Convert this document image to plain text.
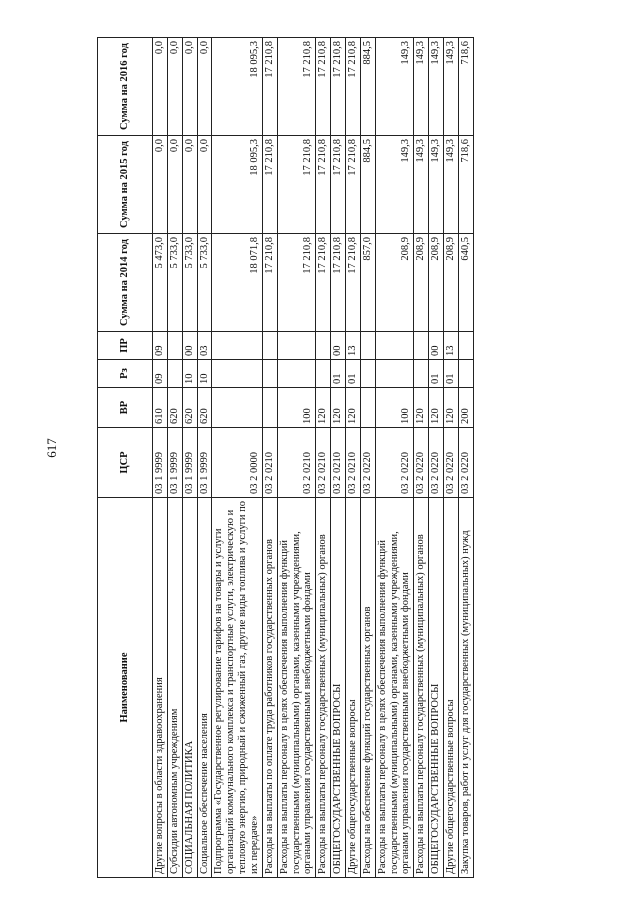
617
Наименование	ЦСР	ВР	Рз	ПР	Сумма на 2014 год	Сумма на 2015 год	Сумма на 2016 год
Другие вопросы в области здравоохранения	03 1 9999	610	09	09	5 473,0	0,0	0,0
Субсидии автономным учреждениям	03 1 9999	620			5 733,0	0,0	0,0
СОЦИАЛЬНАЯ ПОЛИТИКА	03 1 9999	620	10	00	5 733,0	0,0	0,0
Социальное обеспечение населения	03 1 9999	620	10	03	5 733,0	0,0	0,0
Подпрограмма «Государственное регулирование тарифов на товары и услуги организаций коммунального комплекса и транспортные услуги, электрическую и тепловую энергию, природный и сжиженный газ, другие виды топлива и услуги по их передаче»	03 2 0000				18 071,8	18 095,3	18 095,3
Расходы на выплаты по оплате труда работников государственных органов	03 2 0210				17 210,8	17 210,8	17 210,8
Расходы на выплаты персоналу в целях обеспечения выполнения функций государственными (муниципальными) органами, казенными учреждениями, органами управления государственными внебюджетными фондами	03 2 0210	100			17 210,8	17 210,8	17 210,8
Расходы на выплаты персоналу государственных (муниципальных) органов	03 2 0210	120			17 210,8	17 210,8	17 210,8
ОБЩЕГОСУДАРСТВЕННЫЕ ВОПРОСЫ	03 2 0210	120	01	00	17 210,8	17 210,8	17 210,8
Другие общегосударственные вопросы	03 2 0210	120	01	13	17 210,8	17 210,8	17 210,8
Расходы на обеспечение функций государственных органов	03 2 0220				857,0	884,5	884,5
Расходы на выплаты персоналу в целях обеспечения выполнения функций государственными (муниципальными) органами, казенными учреждениями, органами управления государственными внебюджетными фондами	03 2 0220	100			208,9	149,3	149,3
Расходы на выплаты персоналу государственных (муниципальных) органов	03 2 0220	120			208,9	149,3	149,3
ОБЩЕГОСУДАРСТВЕННЫЕ ВОПРОСЫ	03 2 0220	120	01	00	208,9	149,3	149,3
Другие общегосударственные вопросы	03 2 0220	120	01	13	208,9	149,3	149,3
Закупка товаров, работ и услуг для государственных (муниципальных) нужд	03 2 0220	200			640,5	718,6	718,6
